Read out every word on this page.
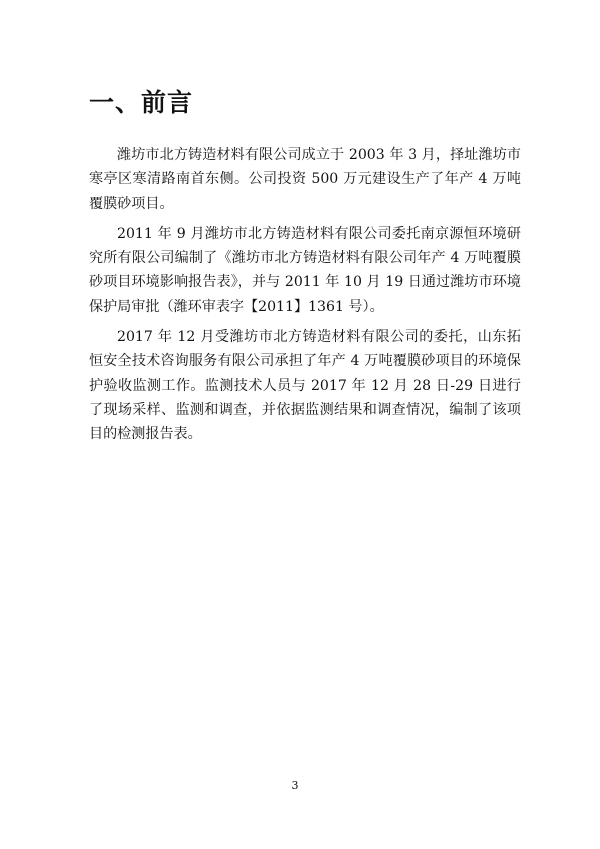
一、前言

潍坊市北方铸造材料有限公司成立于 2003 年 3 月，择址潍坊市寒亭区寒清路南首东侧。公司投资 500 万元建设生产了年产 4 万吨覆膜砂项目。

2011 年 9 月潍坊市北方铸造材料有限公司委托南京源恒环境研究所有限公司编制了《潍坊市北方铸造材料有限公司年产 4 万吨覆膜砂项目环境影响报告表》，并与 2011 年 10 月 19 日通过潍坊市环境保护局审批（潍环审表字【2011】1361 号）。

2017 年 12 月受潍坊市北方铸造材料有限公司的委托，山东拓恒安全技术咨询服务有限公司承担了年产 4 万吨覆膜砂项目的环境保护验收监测工作。监测技术人员与 2017 年 12 月 28 日-29 日进行了现场采样、监测和调查，并依据监测结果和调查情况，编制了该项目的检测报告表。

3
